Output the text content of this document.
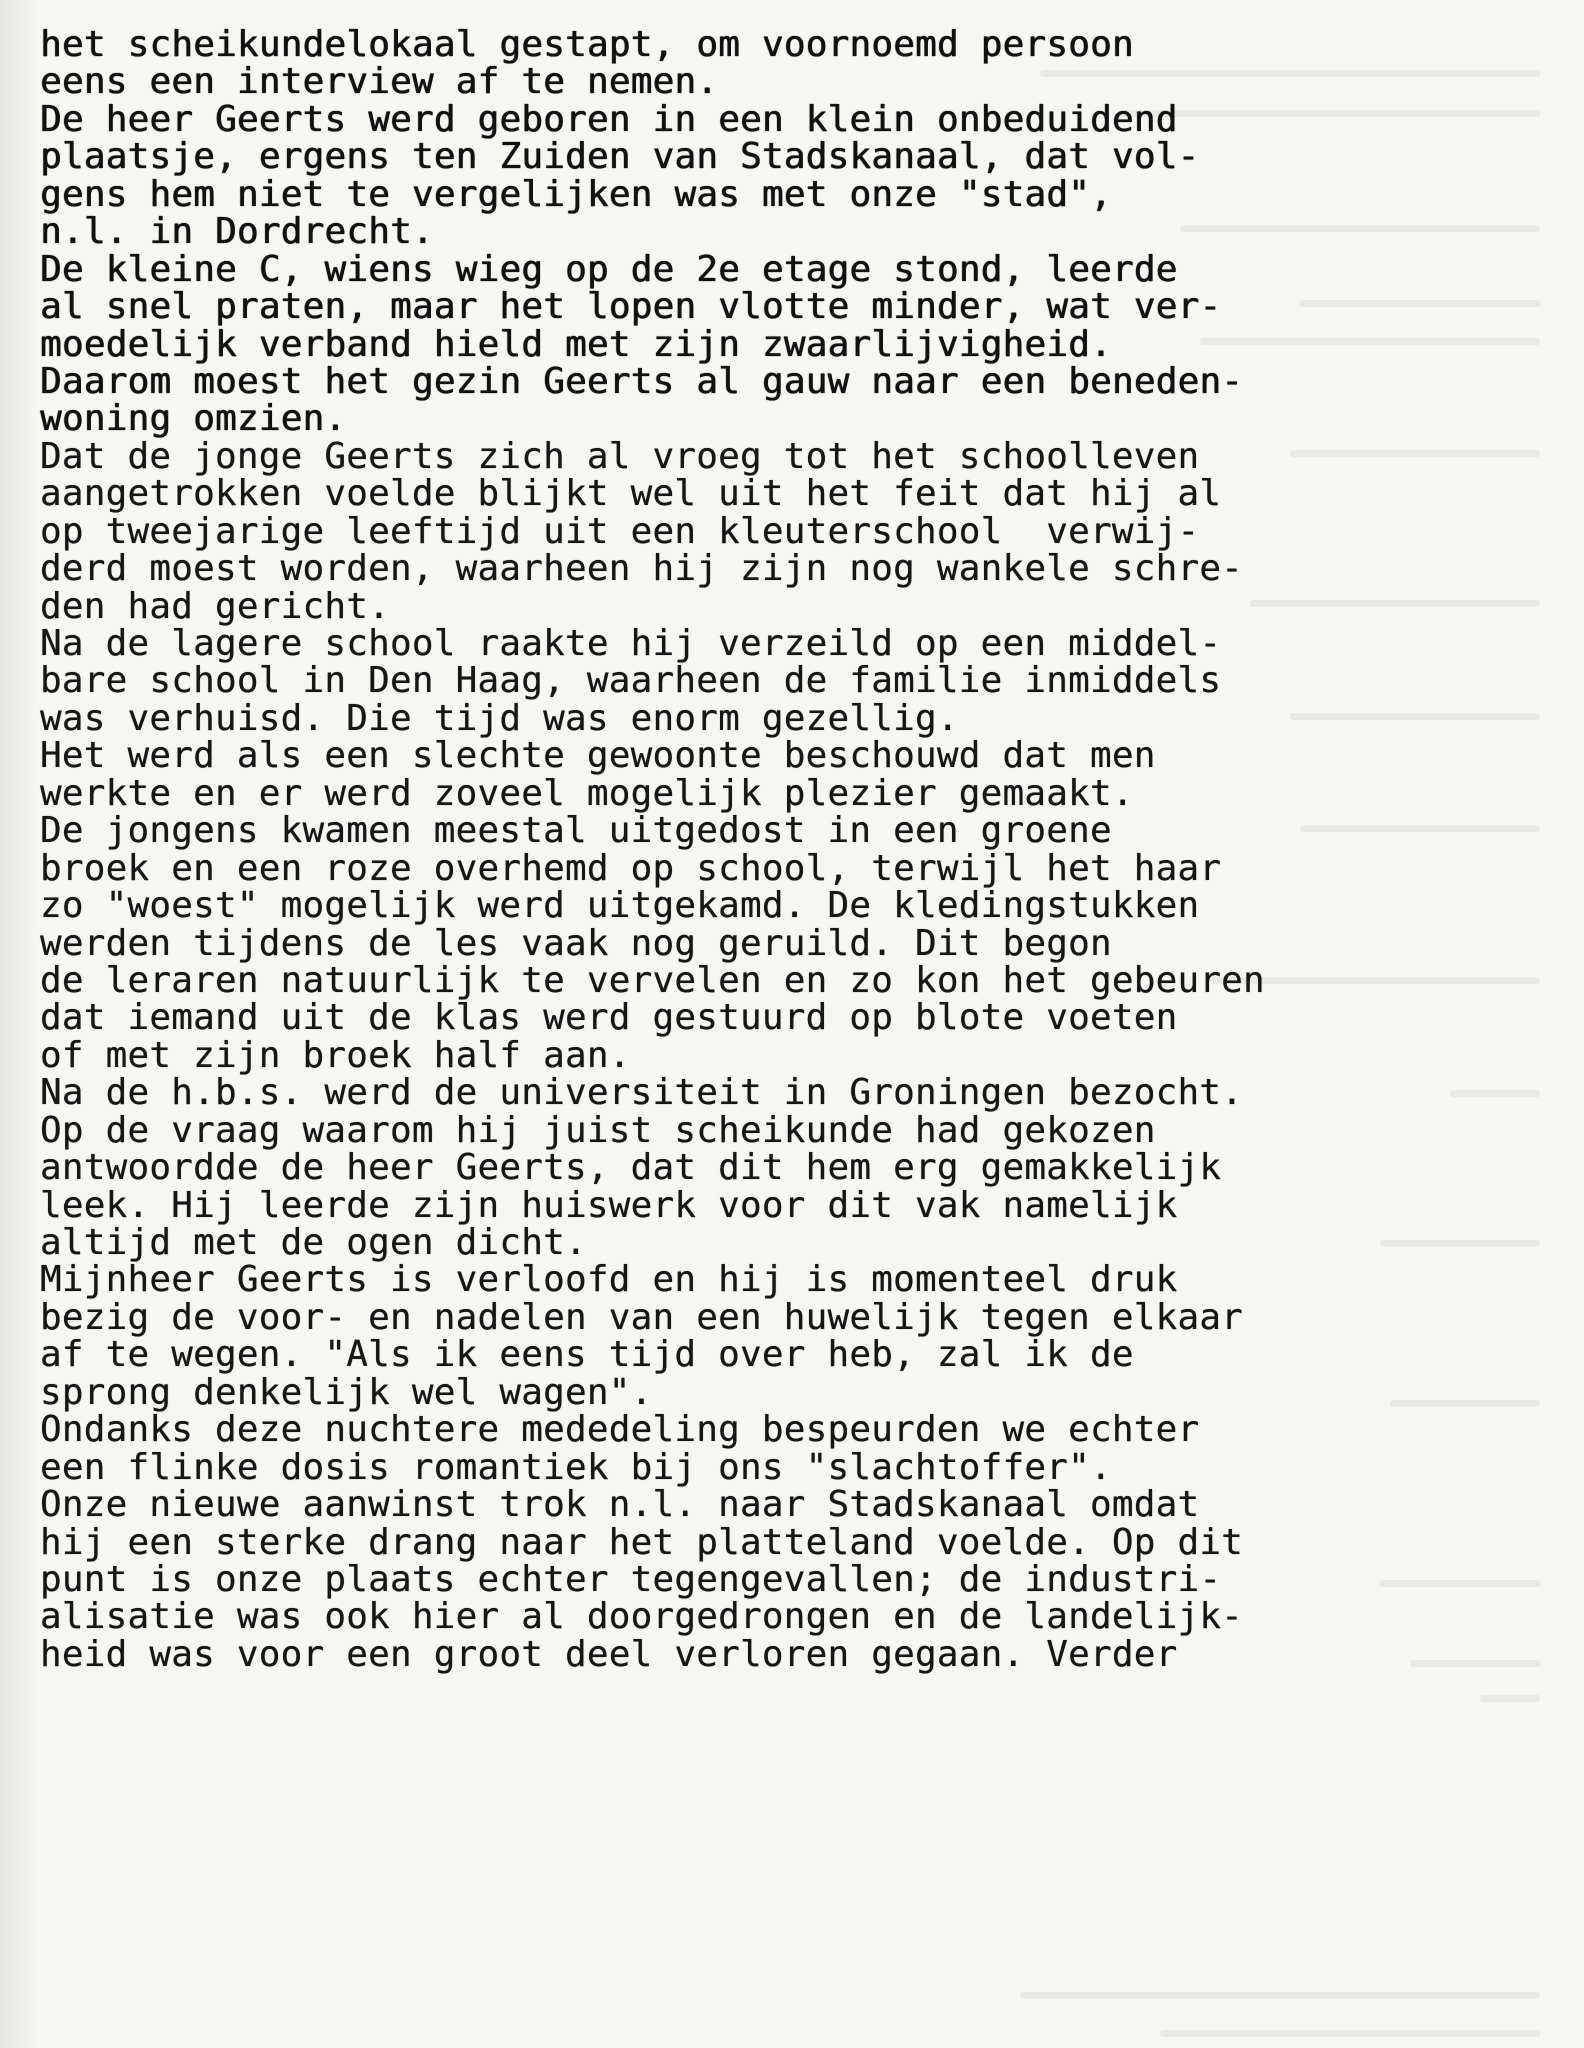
het scheikundelokaal gestapt, om voornoemd persoon
eens een interview af te nemen.
De heer Geerts werd geboren in een klein onbeduidend
plaatsje, ergens ten Zuiden van Stadskanaal, dat vol-
gens hem niet te vergelijken was met onze "stad",
n.l. in Dordrecht.
De kleine C, wiens wieg op de 2e etage stond, leerde
al snel praten, maar het lopen vlotte minder, wat ver-
moedelijk verband hield met zijn zwaarlijvigheid.
Daarom moest het gezin Geerts al gauw naar een beneden-
woning omzien.
Dat de jonge Geerts zich al vroeg tot het schoolleven
aangetrokken voelde blijkt wel uit het feit dat hij al
op tweejarige leeftijd uit een kleuterschool  verwij-
derd moest worden, waarheen hij zijn nog wankele schre-
den had gericht.
Na de lagere school raakte hij verzeild op een middel-
bare school in Den Haag, waarheen de familie inmiddels
was verhuisd. Die tijd was enorm gezellig.
Het werd als een slechte gewoonte beschouwd dat men
werkte en er werd zoveel mogelijk plezier gemaakt.
De jongens kwamen meestal uitgedost in een groene
broek en een roze overhemd op school, terwijl het haar
zo "woest" mogelijk werd uitgekamd. De kledingstukken
werden tijdens de les vaak nog geruild. Dit begon
de leraren natuurlijk te vervelen en zo kon het gebeuren
dat iemand uit de klas werd gestuurd op blote voeten
of met zijn broek half aan.
Na de h.b.s. werd de universiteit in Groningen bezocht.
Op de vraag waarom hij juist scheikunde had gekozen
antwoordde de heer Geerts, dat dit hem erg gemakkelijk
leek. Hij leerde zijn huiswerk voor dit vak namelijk
altijd met de ogen dicht.
Mijnheer Geerts is verloofd en hij is momenteel druk
bezig de voor- en nadelen van een huwelijk tegen elkaar
af te wegen. "Als ik eens tijd over heb, zal ik de
sprong denkelijk wel wagen".
Ondanks deze nuchtere mededeling bespeurden we echter
een flinke dosis romantiek bij ons "slachtoffer".
Onze nieuwe aanwinst trok n.l. naar Stadskanaal omdat
hij een sterke drang naar het platteland voelde. Op dit
punt is onze plaats echter tegengevallen; de industri-
alisatie was ook hier al doorgedrongen en de landelijk-
heid was voor een groot deel verloren gegaan. Verder
